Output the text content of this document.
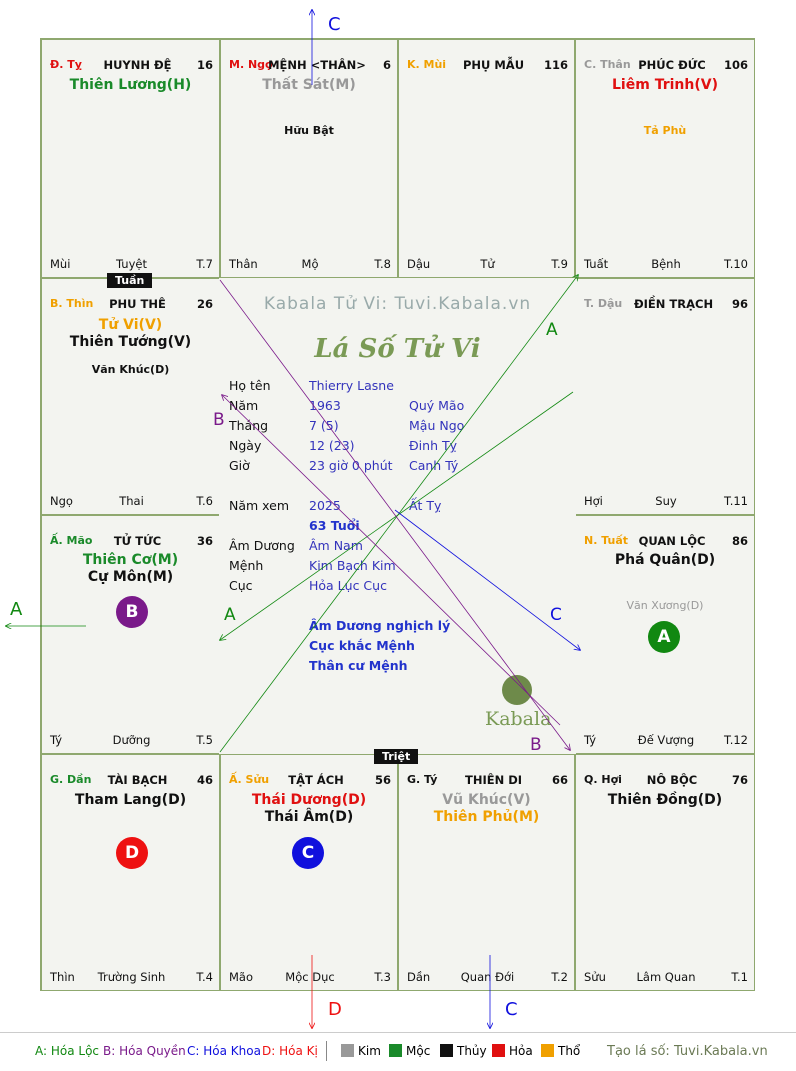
Đ. Tỵ	HUYNH ĐỆ	16
Thiên Lương(H)
Mùi	Tuyệt	T.7

M. Ngọ
MỆNH <THÂN> 6
Thất Sát(M)
Hữu Bật
Thân	Mộ	T.8

K. Mùi	PHỤ MẪU	116
Dậu	Tử	T.9

C. Thân PHÚC ĐỨC	106
Liêm Trinh(V)
Tả Phù
Tuất	Bệnh	T.10

B. Thìn	PHU THÊ	26
Tử Vi(V)
Thiên Tướng(V)
Văn Khúc(D)
Ngọ	Thai	T.6

T. Dậu ĐIỀN TRẠCH 96
Hợi	Suy	T.11

Ấ. Mão	TỬ TỨC	36
Thiên Cơ(M)
Cự Môn(M)
B
Tý	Dưỡng	T.5

N. Tuất QUAN LỘC	86
Phá Quân(D)
Văn Xương(D)
A
Tý	Đế Vượng	T.12

G. Dần	TÀI BẠCH	46
Tham Lang(D)
D
Thìn	Trường Sinh	T.4

Ấ. Sửu	TẬT ÁCH	56
Thái Dương(D)
Thái Âm(D)
C
Mão	Mộc Dục	T.3

G. Tý	THIÊN DI	66
Vũ Khúc(V)
Thiên Phủ(M)
Dần	Quan Đới	T.2

Q. Hợi	NÔ BỘC	76
Thiên Đồng(D)
Sửu	Lâm Quan	T.1

Kabala Tử Vi: Tuvi.Kabala.vn
Lá Số Tử Vi
Họ tên	Thierry Lasne
Năm	1963	Quý Mão
Tháng	7 (5)	Mậu Ngọ
Ngày	12 (23)	Đinh Tỵ
Giờ	23 giờ 0 phút Canh Tý
Năm xem 2025	Ất Tỵ
63 Tuổi
Âm Dương Âm Nam
Mệnh	Kim Bạch Kim
Cục	Hỏa Lục Cục
Âm Dương nghịch lý
Cục khắc Mệnh
Thân cư Mệnh
Kabala
Tuần
Triệt
C
A
B
A	C
A
B
D	C
A: Hóa Lộc B: Hóa Quyền C: Hóa Khoa D: Hóa Kị	Kim	Mộc	Thủy	Hỏa	Thổ Tạo lá số: Tuvi.Kabala.vn
